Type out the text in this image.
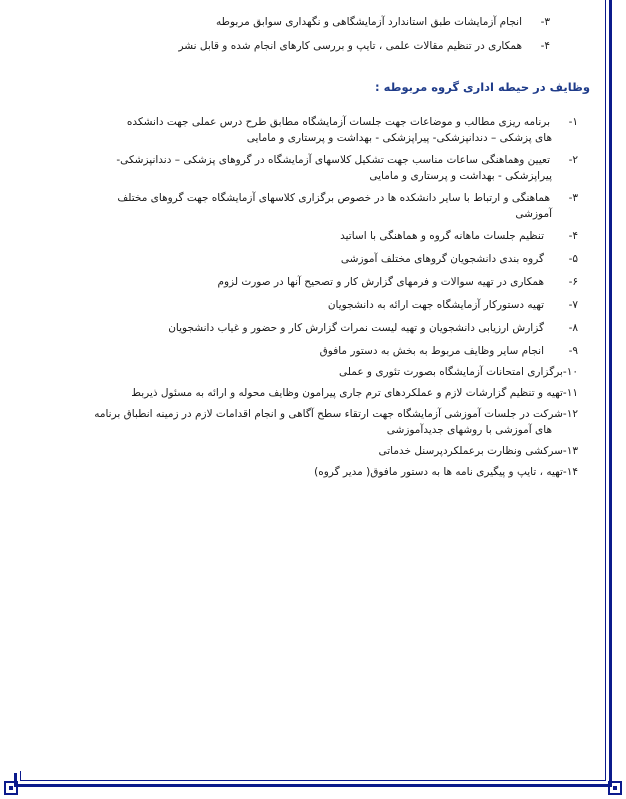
۳-انجام آزمایشات طبق استاندارد آزمایشگاهی و نگهداری سوابق مربوطه
۴-همکاری در تنظیم مقالات علمی ، تایپ و بررسی کارهای انجام شده و قابل نشر
وظایف در حیطه اداری گروه مربوطه :
۱-برنامه ریزی مطالب و موضاعات جهت جلسات آزمایشگاه مطابق طرح درس عملی جهت دانشکده
های پزشکی – دندانپزشکی- پیراپزشکی - بهداشت و پرستاری و مامایی
۲-تعیین وهماهنگی ساعات مناسب جهت تشکیل کلاسهای آزمایشگاه در گروهای پزشکی – دندانپزشکی-
پیراپزشکی - بهداشت و پرستاری و مامایی
۳-هماهنگی و ارتباط با سایر دانشکده ها در خصوص برگزاری کلاسهای آزمایشگاه جهت گروهای مختلف
آموزشی
۴-تنظیم جلسات ماهانه گروه و هماهنگی با اساتید
۵-گروه بندی دانشجویان گروهای مختلف آموزشی
۶-همکاری در تهیه سوالات و فرمهای گزارش کار و تصحیح آنها در صورت لزوم
۷-تهیه دستورکار آزمایشگاه جهت ارائه به دانشجویان
۸-گزارش ارزیابی دانشجویان و تهیه لیست نمرات گزارش کار و حضور و غیاب دانشجویان
۹-انجام سایر وظایف مربوط به بخش به دستور مافوق
۱۰-برگزاری امتحانات آزمایشگاه بصورت تئوری و عملی
۱۱-تهیه و تنظیم گزارشات لازم و عملکردهای ترم جاری پیرامون وظایف محوله و ارائه به مسئول ذیربط
۱۲-شرکت در جلسات آموزشی آزمایشگاه جهت ارتقاء سطح آگاهی و انجام اقدامات لازم در زمینه انطباق برنامه
های آموزشی با روشهای جدیدآموزشی
۱۳-سرکشی ونظارت برعملکردپرسنل خدماتی
۱۴-تهیه ، تایپ و پیگیری نامه ها به دستور مافوق( مدیر گروه)
